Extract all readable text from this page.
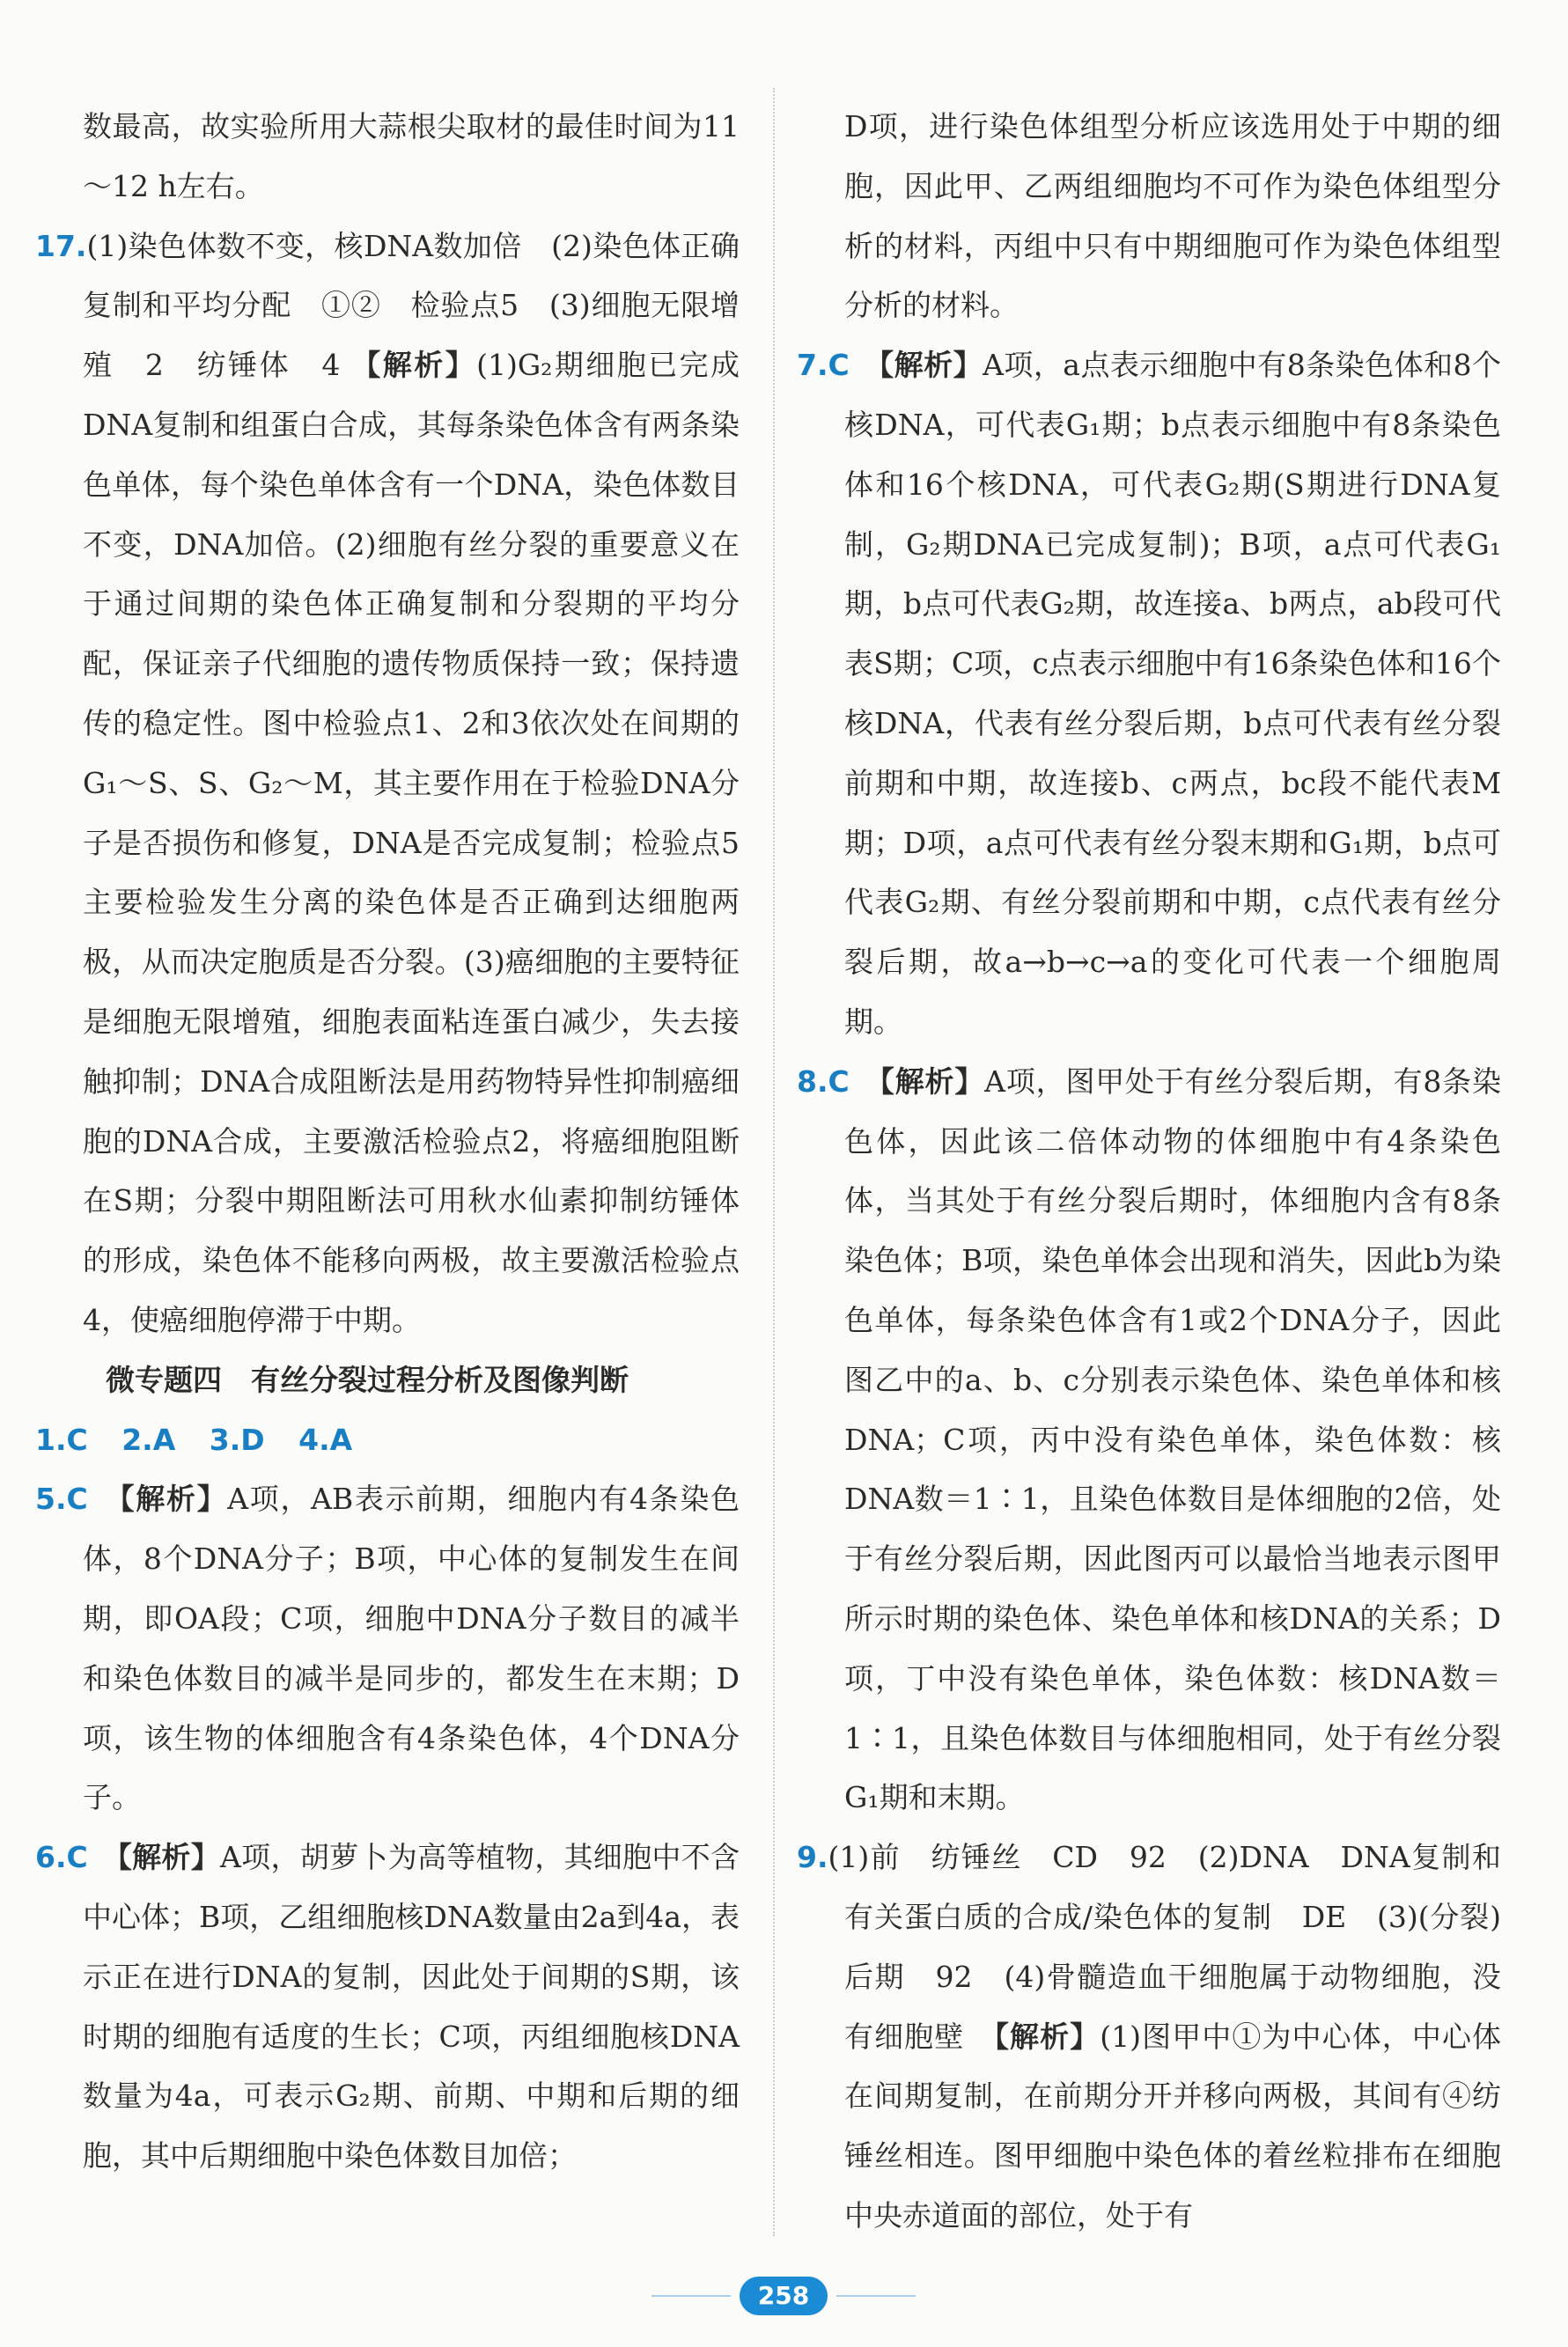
数最高，故实验所用大蒜根尖取材的最佳时间为11～12 h左右。

17.(1)染色体数不变，核DNA数加倍　(2)染色体正确复制和平均分配　①②　检验点5　(3)细胞无限增殖　2　纺锤体　4 【解析】(1)G₂期细胞已完成DNA复制和组蛋白合成，其每条染色体含有两条染色单体，每个染色单体含有一个DNA，染色体数目不变，DNA加倍。(2)细胞有丝分裂的重要意义在于通过间期的染色体正确复制和分裂期的平均分配，保证亲子代细胞的遗传物质保持一致；保持遗传的稳定性。图中检验点1、2和3依次处在间期的G₁～S、S、G₂～M，其主要作用在于检验DNA分子是否损伤和修复，DNA是否完成复制；检验点5主要检验发生分离的染色体是否正确到达细胞两极，从而决定胞质是否分裂。(3)癌细胞的主要特征是细胞无限增殖，细胞表面粘连蛋白减少，失去接触抑制；DNA合成阻断法是用药物特异性抑制癌细胞的DNA合成，主要激活检验点2，将癌细胞阻断在S期；分裂中期阻断法可用秋水仙素抑制纺锤体的形成，染色体不能移向两极，故主要激活检验点4，使癌细胞停滞于中期。

微专题四　有丝分裂过程分析及图像判断

1.C 2.A 3.D 4.A

5.C　 【解析】A项，AB表示前期，细胞内有4条染色体，8个DNA分子；B项，中心体的复制发生在间期，即OA段；C项，细胞中DNA分子数目的减半和染色体数目的减半是同步的，都发生在末期；D项，该生物的体细胞含有4条染色体，4个DNA分子。

6.C　 【解析】A项，胡萝卜为高等植物，其细胞中不含中心体；B项，乙组细胞核DNA数量由2a到4a，表示正在进行DNA的复制，因此处于间期的S期，该时期的细胞有适度的生长；C项，丙组细胞核DNA数量为4a，可表示G₂期、前期、中期和后期的细胞，其中后期细胞中染色体数目加倍；

D项，进行染色体组型分析应该选用处于中期的细胞，因此甲、乙两组细胞均不可作为染色体组型分析的材料，丙组中只有中期细胞可作为染色体组型分析的材料。

7.C　 【解析】A项，a点表示细胞中有8条染色体和8个核DNA，可代表G₁期；b点表示细胞中有8条染色体和16个核DNA，可代表G₂期(S期进行DNA复制，G₂期DNA已完成复制)；B项，a点可代表G₁期，b点可代表G₂期，故连接a、b两点，ab段可代表S期；C项，c点表示细胞中有16条染色体和16个核DNA，代表有丝分裂后期，b点可代表有丝分裂前期和中期，故连接b、c两点，bc段不能代表M期；D项，a点可代表有丝分裂末期和G₁期，b点可代表G₂期、有丝分裂前期和中期，c点代表有丝分裂后期，故a→b→c→a的变化可代表一个细胞周期。

8.C　 【解析】A项，图甲处于有丝分裂后期，有8条染色体，因此该二倍体动物的体细胞中有4条染色体，当其处于有丝分裂后期时，体细胞内含有8条染色体；B项，染色单体会出现和消失，因此b为染色单体，每条染色体含有1或2个DNA分子，因此图乙中的a、b、c分别表示染色体、染色单体和核DNA；C项，丙中没有染色单体，染色体数：核DNA数＝1∶1，且染色体数目是体细胞的2倍，处于有丝分裂后期，因此图丙可以最恰当地表示图甲所示时期的染色体、染色单体和核DNA的关系；D项，丁中没有染色单体，染色体数：核DNA数＝1∶1，且染色体数目与体细胞相同，处于有丝分裂G₁期和末期。

9.(1)前　纺锤丝　CD　92　(2)DNA　DNA复制和有关蛋白质的合成/染色体的复制　DE　(3)(分裂)后期　92　(4)骨髓造血干细胞属于动物细胞，没有细胞壁　 【解析】(1)图甲中①为中心体，中心体在间期复制，在前期分开并移向两极，其间有④纺锤丝相连。图甲细胞中染色体的着丝粒排布在细胞中央赤道面的部位，处于有

258
